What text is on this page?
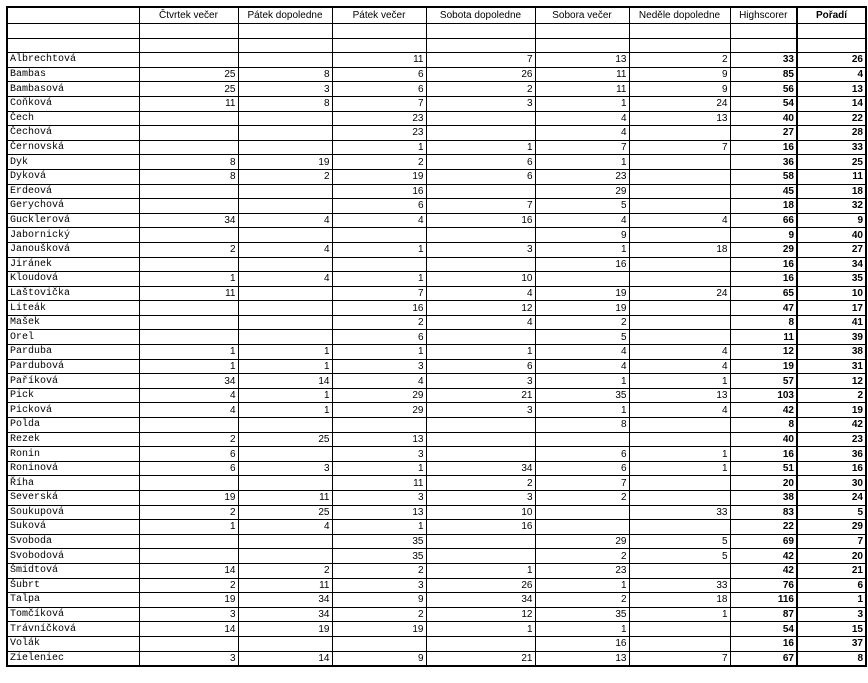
	Čtvrtek večer	Pátek dopoledne	Pátek večer	Sobota dopoledne	Sobora večer	Neděle dopoledne	Highscorer	Pořadí

Albrechtová			11	7	13	2	33	26
Bambas	25	8	6	26	11	9	85	4
Bambasová	25	3	6	2	11	9	56	13
Coňková	11	8	7	3	1	24	54	14
Čech			23		4	13	40	22
Čechová			23		4		27	28
Černovská			1	1	7	7	16	33
Dyk	8	19	2	6	1		36	25
Dyková	8	2	19	6	23		58	11
Erdeová			16		29		45	18
Gerychová			6	7	5		18	32
Gucklerová	34	4	4	16	4	4	66	9
Jabornický					9		9	40
Janoušková	2	4	1	3	1	18	29	27
Jiránek					16		16	34
Kloudová	1	4	1	10			16	35
Laštovička	11		7	4	19	24	65	10
Liteák			16	12	19		47	17
Mašek			2	4	2		8	41
Orel			6		5		11	39
Parduba	1	1	1	1	4	4	12	38
Pardubová	1	1	3	6	4	4	19	31
Paříková	34	14	4	3	1	1	57	12
Pick	4	1	29	21	35	13	103	2
Picková	4	1	29	3	1	4	42	19
Polda					8		8	42
Rezek	2	25	13				40	23
Ronin	6		3		6	1	16	36
Roninová	6	3	1	34	6	1	51	16
Říha			11	2	7		20	30
Severská	19	11	3	3	2		38	24
Soukupová	2	25	13	10		33	83	5
Suková	1	4	1	16			22	29
Svoboda			35		29	5	69	7
Svobodová			35		2	5	42	20
Šmidtová	14	2	2	1	23		42	21
Šubrt	2	11	3	26	1	33	76	6
Talpa	19	34	9	34	2	18	116	1
Tomčíková	3	34	2	12	35	1	87	3
Trávníčková	14	19	19	1	1		54	15
Volák					16		16	37
Zieleniec	3	14	9	21	13	7	67	8
